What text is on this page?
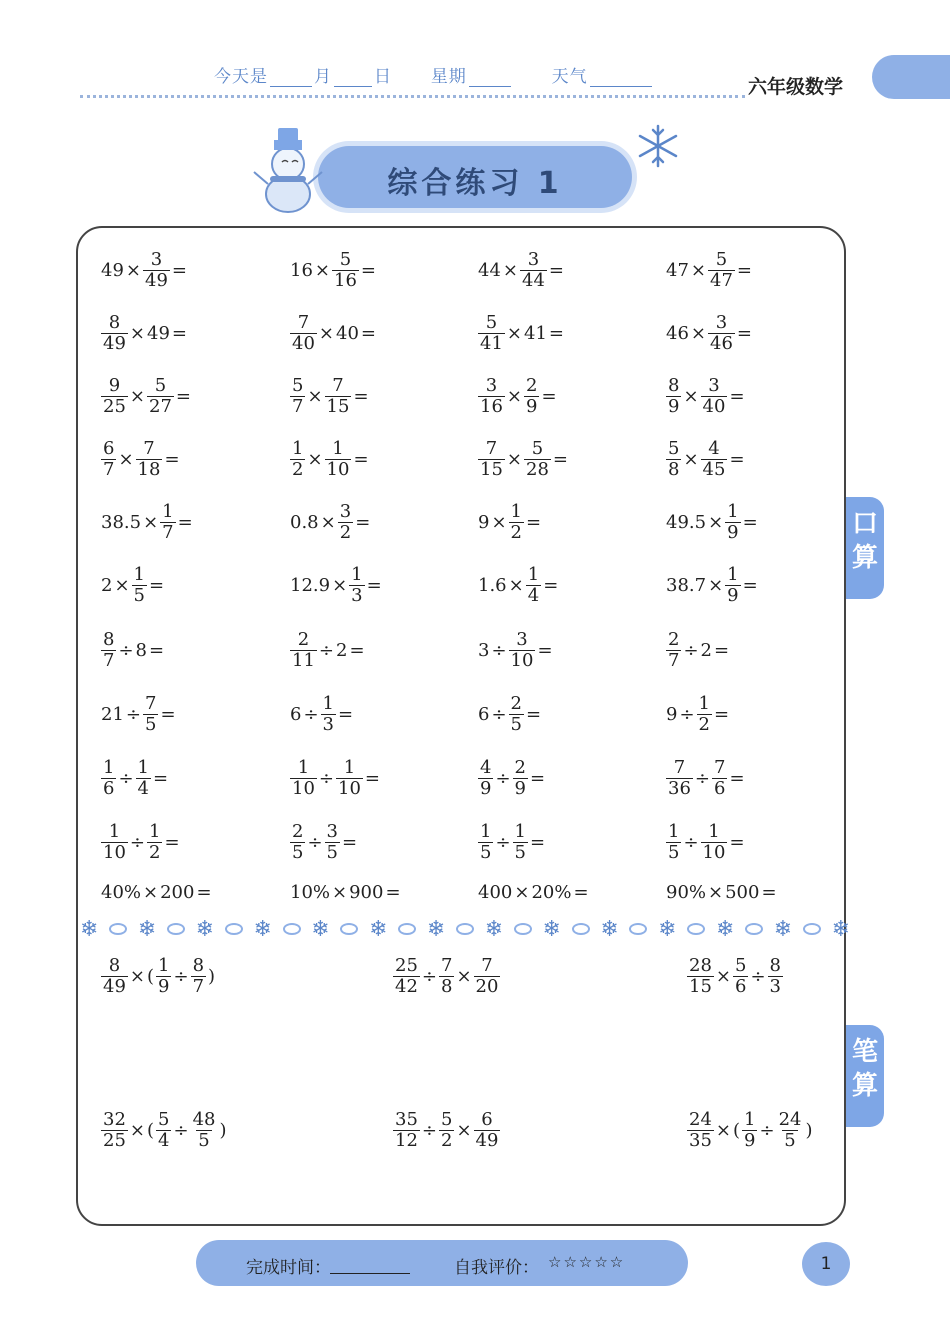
今天是	月 日 星期	天气	六年级数学
综合练习 1
口算
笔算
$49 \times \frac{3}{49}$ =	$16 \times \frac{5}{16}$ =	$44 \times \frac{3}{44}$ =	$47 \times \frac{5}{47}$ =
$\frac{8}{49} \times 49$ =	$\frac{7}{40} \times 40$ =	$\frac{5}{41} \times 41$ =	$46 \times \frac{3}{46}$ =
$\frac{9}{25} \times \frac{5}{27}$ =	$\frac{5}{7} \times \frac{7}{15}$ =	$\frac{3}{16} \times \frac{2}{9}$ =	$\frac{8}{9} \times \frac{3}{40}$ =
$\frac{6}{7} \times \frac{7}{18}$ =	$\frac{1}{2} \times \frac{1}{10}$ =	$\frac{7}{15} \times \frac{5}{28}$ =	$\frac{5}{8} \times \frac{4}{45}$ =
$38.5 \times \frac{1}{7}$ =	$0.8 \times \frac{3}{2}$ =	$9 \times \frac{1}{2}$ =	$49.5 \times \frac{1}{9}$ =
$2 \times \frac{1}{5}$ =	$12.9 \times \frac{1}{3}$ =	$1.6 \times \frac{1}{4}$ =	$38.7 \times \frac{1}{9}$ =
$\frac{8}{7} \div 8$ =	$\frac{2}{11} \div 2$ =	$3 \div \frac{3}{10}$ =	$\frac{2}{7} \div 2$ =
$21 \div \frac{7}{5}$ =	$6 \div \frac{1}{3}$ =	$6 \div \frac{2}{5}$ =	$9 \div \frac{1}{2}$ =
$\frac{1}{6} \div \frac{1}{4}$ =	$\frac{1}{10} \div \frac{1}{10}$ =	$\frac{4}{9} \div \frac{2}{9}$ =	$\frac{7}{36} \div \frac{7}{6}$ =
$\frac{1}{10} \div \frac{1}{2}$ =	$\frac{2}{5} \div \frac{3}{5}$ =	$\frac{1}{5} \div \frac{1}{5}$ =	$\frac{1}{5} \div \frac{1}{10}$ =
40% × 200 =	10% × 900 =	400 × 20% =	90% × 500 =
❄ ❄ ❄ ❄ ❄ ❄ ❄ ❄ ❄ ❄ ❄ ❄ ❄ ❄
$\frac{8}{49}$ × ( $\frac{1}{9} \div \frac{8}{7}$ )	$\frac{25}{42} \div \frac{7}{8} \times \frac{7}{20}$	$\frac{28}{15} \times \frac{5}{6} \div \frac{8}{3}$
$\frac{32}{25}$ × ( $\frac{5}{4} \div \frac{48}{5}$ )	$\frac{35}{12} \div \frac{5}{2} \times \frac{6}{49}$	$\frac{24}{35}$ × ( $\frac{1}{9} \div \frac{24}{5}$ )
完成时间：	自我评价： ☆☆☆☆☆	1
